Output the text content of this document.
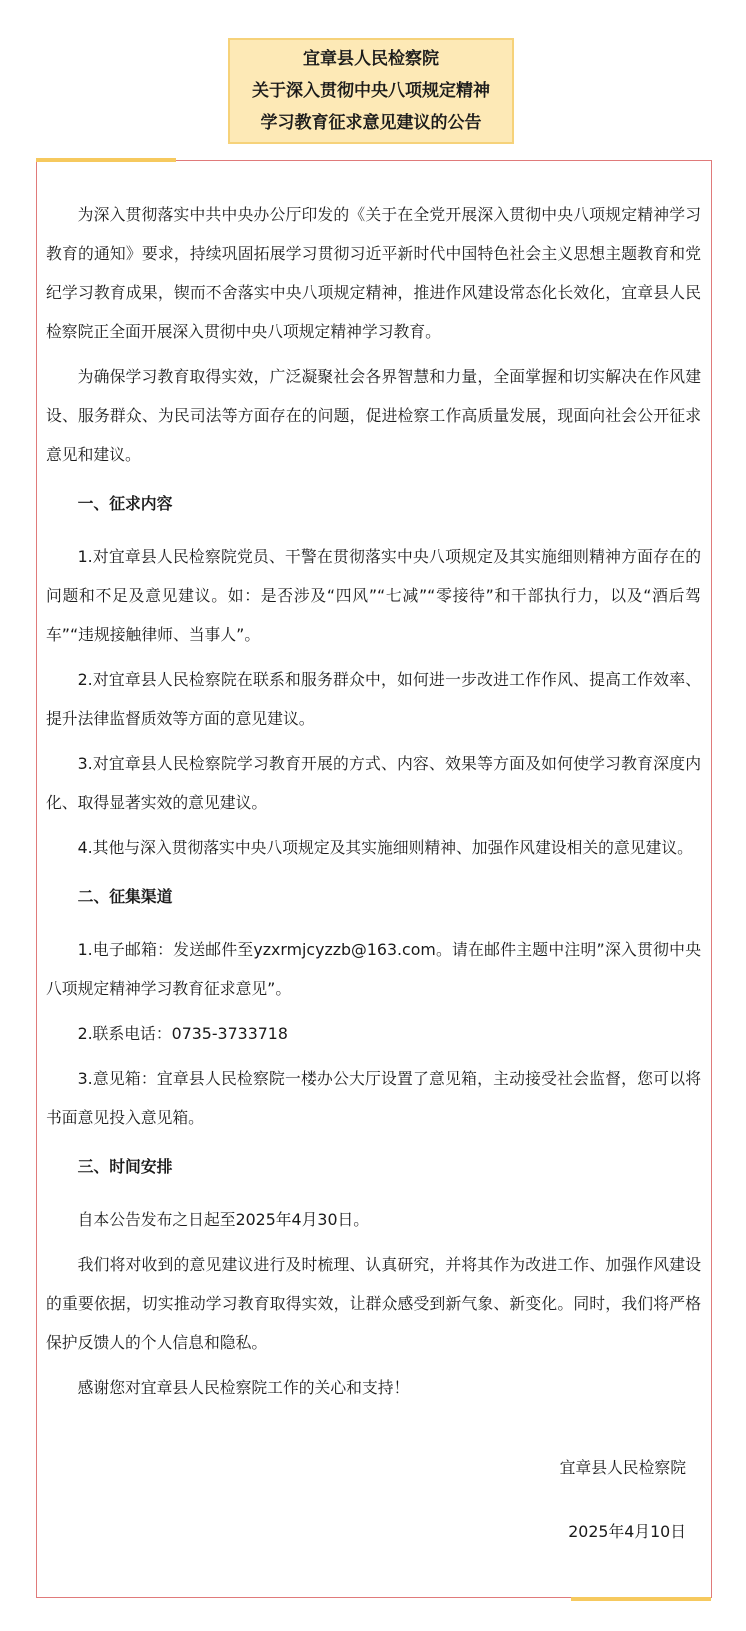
宜章县人民检察院
关于深入贯彻中央八项规定精神
学习教育征求意见建议的公告

为深入贯彻落实中共中央办公厅印发的《关于在全党开展深入贯彻中央八项规定精神学习教育的通知》要求，持续巩固拓展学习贯彻习近平新时代中国特色社会主义思想主题教育和党纪学习教育成果，锲而不舍落实中央八项规定精神，推进作风建设常态化长效化，宜章县人民检察院正全面开展深入贯彻中央八项规定精神学习教育。

为确保学习教育取得实效，广泛凝聚社会各界智慧和力量，全面掌握和切实解决在作风建设、服务群众、为民司法等方面存在的问题，促进检察工作高质量发展，现面向社会公开征求意见和建议。

一、征求内容

1.对宜章县人民检察院党员、干警在贯彻落实中央八项规定及其实施细则精神方面存在的问题和不足及意见建议。如：是否涉及“四风”“七减”“零接待”和干部执行力，以及“酒后驾车”“违规接触律师、当事人”。

2.对宜章县人民检察院在联系和服务群众中，如何进一步改进工作作风、提高工作效率、提升法律监督质效等方面的意见建议。

3.对宜章县人民检察院学习教育开展的方式、内容、效果等方面及如何使学习教育深度内化、取得显著实效的意见建议。

4.其他与深入贯彻落实中央八项规定及其实施细则精神、加强作风建设相关的意见建议。

二、征集渠道

1.电子邮箱：发送邮件至yzxrmjcyzzb@163.com。请在邮件主题中注明”深入贯彻中央八项规定精神学习教育征求意见”。

2.联系电话：0735-3733718

3.意见箱：宜章县人民检察院一楼办公大厅设置了意见箱，主动接受社会监督，您可以将书面意见投入意见箱。

三、时间安排

自本公告发布之日起至2025年4月30日。

我们将对收到的意见建议进行及时梳理、认真研究，并将其作为改进工作、加强作风建设的重要依据，切实推动学习教育取得实效，让群众感受到新气象、新变化。同时，我们将严格保护反馈人的个人信息和隐私。

感谢您对宜章县人民检察院工作的关心和支持！

宜章县人民检察院
2025年4月10日
